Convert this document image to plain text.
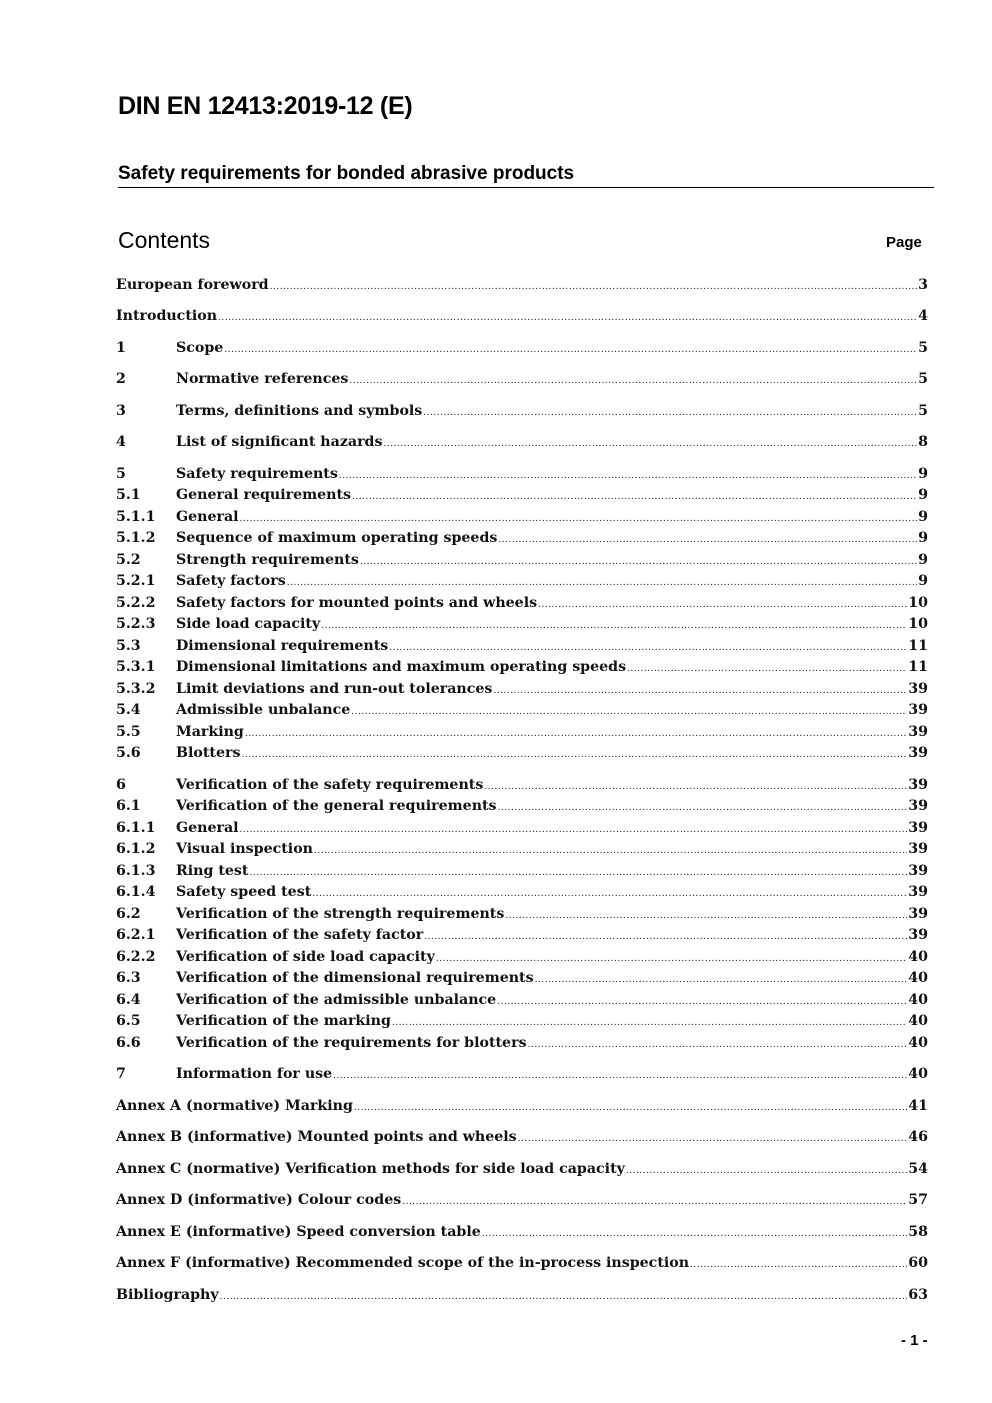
DIN EN 12413:2019-12 (E)
Safety requirements for bonded abrasive products
Contents	Page
European foreword .....	3
Introduction .....	4
1	Scope .....	5
2	Normative references .....	5
3	Terms, definitions and symbols .....	5
4	List of significant hazards .....	8
5	Safety requirements .....	9
5.1	General requirements .....	9
5.1.1	General .....	9
5.1.2	Sequence of maximum operating speeds .....	9
5.2	Strength requirements .....	9
5.2.1	Safety factors .....	9
5.2.2	Safety factors for mounted points and wheels .....	10
5.2.3	Side load capacity .....	10
5.3	Dimensional requirements .....	11
5.3.1	Dimensional limitations and maximum operating speeds .....	11
5.3.2	Limit deviations and run-out tolerances .....	39
5.4	Admissible unbalance .....	39
5.5	Marking .....	39
5.6	Blotters .....	39
6	Verification of the safety requirements .....	39
6.1	Verification of the general requirements .....	39
6.1.1	General .....	39
6.1.2	Visual inspection .....	39
6.1.3	Ring test .....	39
6.1.4	Safety speed test .....	39
6.2	Verification of the strength requirements .....	39
6.2.1	Verification of the safety factor .....	39
6.2.2	Verification of side load capacity .....	40
6.3	Verification of the dimensional requirements .....	40
6.4	Verification of the admissible unbalance .....	40
6.5	Verification of the marking .....	40
6.6	Verification of the requirements for blotters .....	40
7	Information for use .....	40
Annex A (normative) Marking .....	41
Annex B (informative) Mounted points and wheels .....	46
Annex C (normative) Verification methods for side load capacity .....	54
Annex D (informative) Colour codes .....	57
Annex E (informative) Speed conversion table .....	58
Annex F (informative) Recommended scope of the in-process inspection .....	60
Bibliography .....	63
- 1 -
